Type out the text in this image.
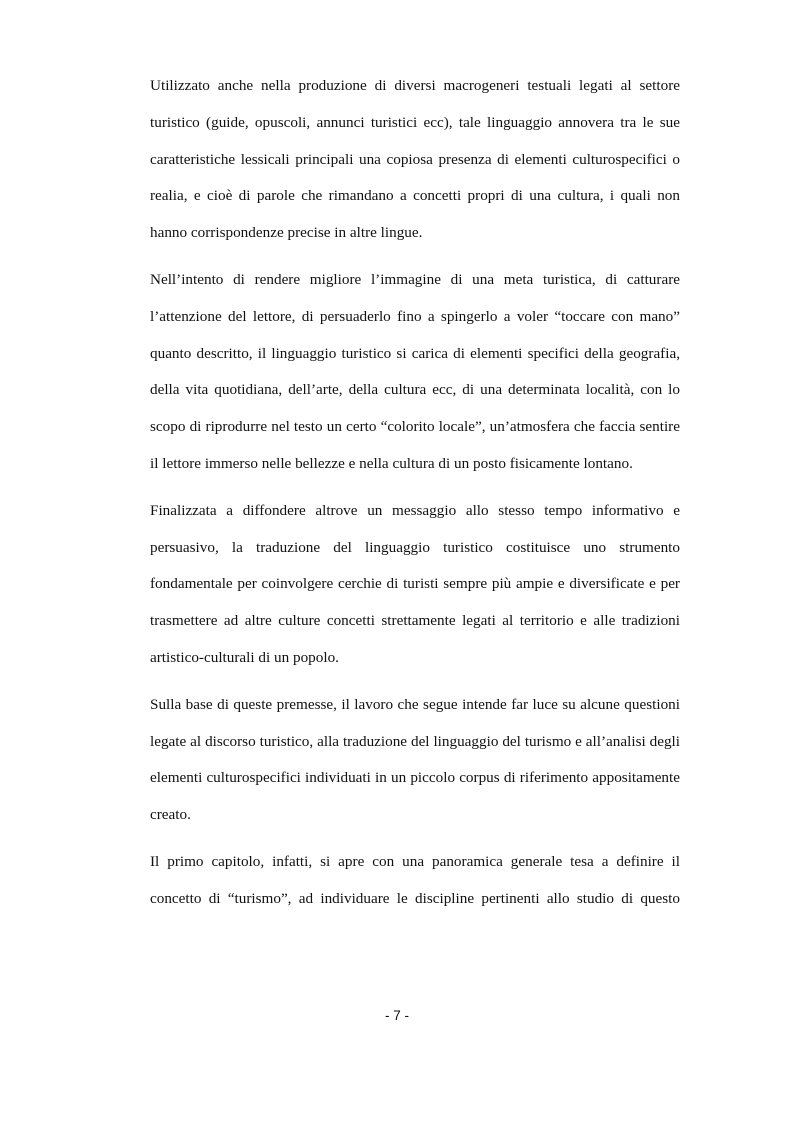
Utilizzato anche nella produzione di diversi macrogeneri testuali legati al settore turistico (guide, opuscoli, annunci turistici ecc), tale linguaggio annovera tra le sue caratteristiche lessicali principali una copiosa presenza di elementi culturospecifici o realia, e cioè di parole che rimandano a concetti propri di una cultura, i quali non hanno corrispondenze precise in altre lingue.

Nell’intento di rendere migliore l’immagine di una meta turistica, di catturare l’attenzione del lettore, di persuaderlo fino a spingerlo a voler “toccare con mano” quanto descritto, il linguaggio turistico si carica di elementi specifici della geografia, della vita quotidiana, dell’arte, della cultura ecc, di una determinata località, con lo scopo di riprodurre nel testo un certo “colorito locale”, un’atmosfera che faccia sentire il lettore immerso nelle bellezze e nella cultura di un posto fisicamente lontano.

Finalizzata a diffondere altrove un messaggio allo stesso tempo informativo e persuasivo, la traduzione del linguaggio turistico costituisce uno strumento fondamentale per coinvolgere cerchie di turisti sempre più ampie e diversificate e per trasmettere ad altre culture concetti strettamente legati al territorio e alle tradizioni artistico-culturali di un popolo.

Sulla base di queste premesse, il lavoro che segue intende far luce su alcune questioni legate al discorso turistico, alla traduzione del linguaggio del turismo e all’analisi degli elementi culturospecifici individuati in un piccolo corpus di riferimento appositamente creato.

Il primo capitolo, infatti, si apre con una panoramica generale tesa a definire il concetto di “turismo”, ad individuare le discipline pertinenti allo studio di questo

- 7 -
